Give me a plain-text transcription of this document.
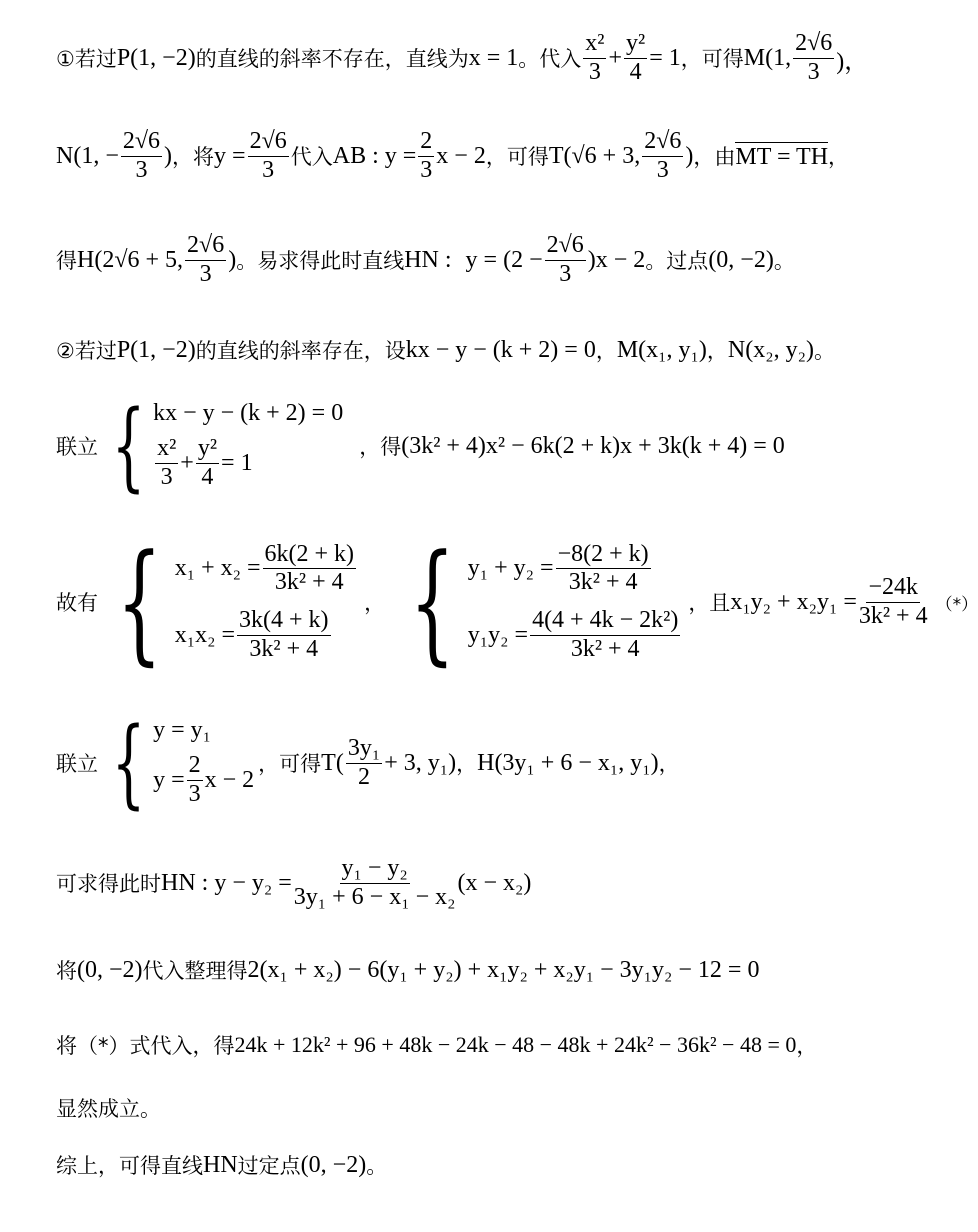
①若过 P(1, −2) 的直线的斜率不存在，直线为 x = 1 。代入 $\frac{\text{x²}}{3} + \frac{\text{y²}}{4} = 1$ ，可得 M(1, $\frac{2√6}{3}$ )，
N(1, − $\frac{2√6}{3}$ ) ，将 $y = \frac{2√6}{3}$ 代入 AB : $y = \frac{2}{3}$ x − 2 ，可得 T(√6 + 3, $\frac{2√6}{3}$ ) ，由 MT = TH ，
得 H(2√6 + 5, $\frac{2√6}{3}$ ) 。易求得此时直线 HN : $y = (2 - \frac{2√6}{3} )x - 2$ 。过点 (0, −2) 。
②若过 P(1, −2) 的直线的斜率存在，设 kx − y − (k + 2) = 0 ， M(x₁, y₁) ， N(x₂, y₂) 。
联立 { kx − y − (k + 2) = 0
$\frac{\text{x²}}{3} + \frac{\text{y²}}{4} = 1$
，得 (3k² + 4)x² − 6k(2 + k)x + 3k(k + 4) = 0
故有 { $x_1 + x_2 = \frac{6k(2 + k)}{\text{3k² + 4}}$
$x_1x_2 = \frac{3k(4 + k)}{\text{3k² + 4}}$
， { $y_1 + y_2 = \frac{-8(2 + k)}{\text{3k² + 4}}$
$y_1y_2 = \frac{\text{4(4 + 4k − 2k²)}}{\text{3k² + 4}}$
，且 $x_1y_2 + x_2y_1 = \frac{-24k}{\text{3k² + 4}}$ （*）
联立 { y = y₁
$y = \frac{2}{3}$ x − 2
，可得 $T( \frac{\text{3y₁}}{2} + 3$, y₁) ， H(3y₁ + 6 − x₁, y₁) ，
可求得此时 HN : $y - y_2 = \frac{\text{y₁ − y₂}}{\text{3y₁ + 6 − x₁ − x₂}} (x - x_2)$
将 (0, −2) 代入整理得 2(x₁ + x₂) − 6(y₁ + y₂) + x₁y₂ + x₂y₁ − 3y₁y₂ − 12 = 0
将（*）式代入，得 24k + 12k² + 96 + 48k − 24k − 48 − 48k + 24k² − 36k² − 48 = 0 ，
显然成立。
综上，可得直线 HN 过定点 (0, −2) 。
